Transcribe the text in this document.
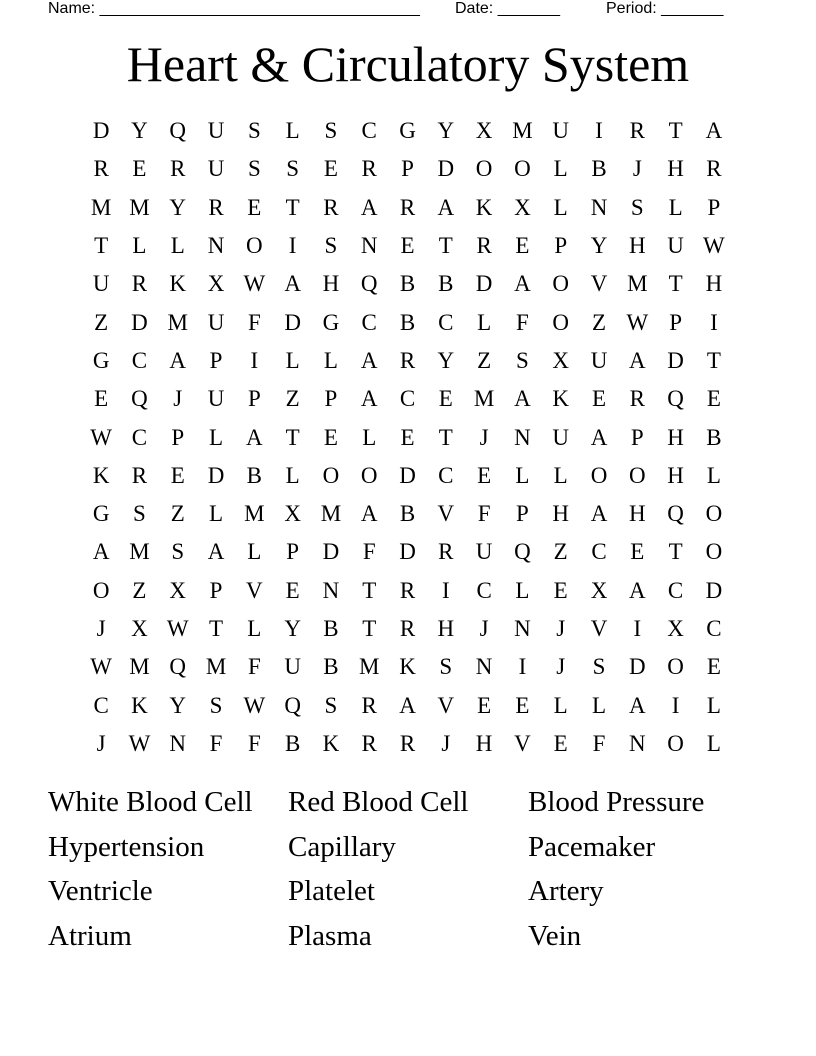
Name: ____________________________________ Date: _______	Period: _______
Heart & Circulatory System
D Y Q U	S	L	S	C G Y X M U	I	R	T A
R	E	R U	S	S	E	R	P	D O O L	B	J	H R
M M Y R	E	T	R A R A K X L N	S	L	P
T	L	L N O	I	S	N E	T	R	E	P	Y H U W
U R K X W A H Q B B D A O V M T H
Z D M U	F	D G C B C	L	F	O Z W P	I
G C A	P	I	L	L A R Y Z	S	X U A D T
E Q	J	U	P	Z	P	A C	E M A K E	R Q E
W C	P	L A T	E	L	E	T	J	N U A	P	H B
K R	E D B	L O O D C	E	L	L O O H L
G	S	Z	L M X M A B V	F	P	H A H Q O
A M S	A L	P	D	F	D R U Q Z	C	E	T O
O Z X	P	V E N T	R	I	C	L	E X A C D
J	X W T	L Y B	T	R H	J	N	J	V	I	X C
W M Q M F	U B M K	S	N	I	J	S	D O E
C K Y	S W Q	S	R A V E	E	L	L A	I	L
J W N	F	F	B K R R	J	H V E	F	N O L
White Blood Cell	Red Blood Cell	Blood Pressure
Hypertension	Capillary	Pacemaker
Ventricle	Platelet	Artery
Atrium	Plasma	Vein
